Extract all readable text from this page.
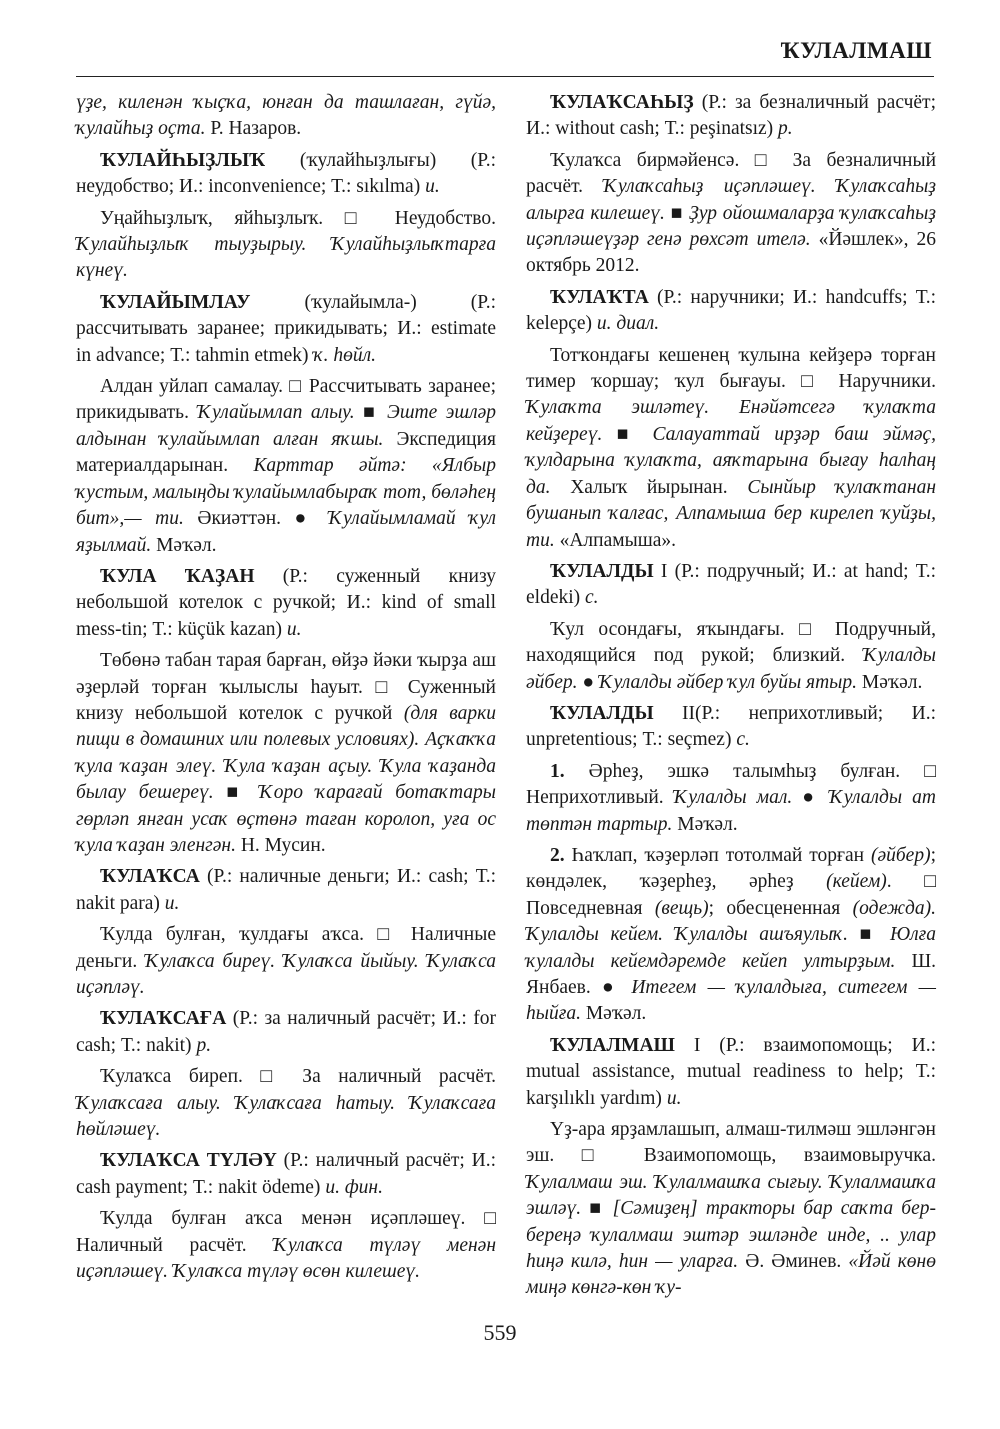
ҠУЛАЛМАШ

үҙе, киленән ҡыҫҡа, юнған да ташлаған, гүйә, ҡулайһыҙ оҫта. Р. Назаров.

ҠУЛАЙҺЫҘЛЫҠ (ҡулайһыҙлығы) (Р.: неудобство; И.: inconvenience; Т.: sıkılma) и.

Уңайһыҙлыҡ, яйһыҙлыҡ. □ Неудобство. Ҡулайһыҙлыҡ тыуҙырыу. Ҡулайһыҙлыҡтарға күнеү.

ҠУЛАЙЫМЛАУ (ҡулайымла-) (Р.: рассчитывать заранее; прикидывать; И.: estimate in advance; Т.: tahmin etmek) ҡ. һөйл.

Алдан уйлап самалау. □ Рассчитывать заранее; прикидывать. Ҡулайымлап алыу. ■ Эште эшләр алдынан ҡулайымлап алған яҡшы. Экспедиция материалдарынан. Карттар әйтә: «Ялбыр ҡустым, малыңды ҡулайымлабыраҡ тот, бөләһең бит»,— ти. Әкиәттән. ● Ҡулайымламай ҡул яҙылмай. Мәҡәл.

ҠУЛА ҠАҘАН (Р.: суженный книзу небольшой котелок с ручкой; И.: kind of small mess-tin; Т.: küçük kazan) и.

Төбөнә табан тарая барған, өйҙә йәки ҡырҙа аш әҙерләй торған ҡылыслы һауыт. □ Суженный книзу небольшой котелок с ручкой (для варки пищи в домашних или полевых условиях). Аҫҡаҡҡа ҡула ҡаҙан элеү. Ҡула ҡаҙан аҫыу. Ҡула ҡаҙанда былау бешереү. ■ Ҡоро ҡарағай ботаҡтары гөрләп янған усаҡ өҫтөнә таған королоп, уға ос ҡула ҡаҙан эленгән. Н. Мусин.

ҠУЛАҠСА (Р.: наличные деньги; И.: cash; Т.: nakit para) и.

Ҡулда булған, ҡулдағы аҡса. □ Наличные деньги. Ҡулаҡса биреү. Ҡулаҡса йыйыу. Ҡулаҡса иҫәпләү.

ҠУЛАҠСАҒА (Р.: за наличный расчёт; И.: for cash; Т.: nakit) р.

Ҡулаҡса биреп. □ За наличный расчёт. Ҡулаҡсаға алыу. Ҡулаҡсаға һатыу. Ҡулаҡсаға һөйләшеү.

ҠУЛАҠСА ТҮЛӘҮ (Р.: наличный расчёт; И.: cash payment; Т.: nakit ödeme) и. фин.

Ҡулда булған аҡса менән иҫәпләшеү. □ Наличный расчёт. Ҡулаҡса түләү менән иҫәпләшеү. Ҡулаҡса түләү өсөн килешеү.

ҠУЛАҠСАҺЫҘ (Р.: за безналичный расчёт; И.: without cash; Т.: peşinatsız) р.

Ҡулаҡса бирмәйенсә. □ За безналичный расчёт. Ҡулаҡсаһыҙ иҫәпләшеү. Ҡулаҡсаһыҙ алырға килешеү. ■ Ҙур ойошмаларҙа ҡулаҡсаһыҙ иҫәпләшеүҙәр генә рөхсәт ителә. «Йәшлек», 26 октябрь 2012.

ҠУЛАҠТА (Р.: наручники; И.: handcuffs; Т.: kelepçe) и. диал.

Тотҡондағы кешенең ҡулына кейҙерә торған тимер ҡоршау; ҡул бығауы. □ Наручники. Ҡулаҡта эшләтеү. Енәйәтсегә ҡулаҡта кейҙереү. ■ Салауаттай ирҙәр баш эймәҫ, ҡулдарына ҡулаҡта, аяҡтарына бығау һалһаң да. Халыҡ йырынан. Сынйыр ҡулаҡтанан бушанып ҡалғас, Алпамыша бер кирелеп ҡуйҙы, ти. «Алпамыша».

ҠУЛАЛДЫ I (Р.: подручный; И.: at hand; Т.: eldeki) с.

Ҡул осондағы, яҡындағы. □ Подручный, находящийся под рукой; близкий. Ҡулалды әйбер. ● Ҡулалды әйбер ҡул буйы ятыр. Мәҡәл.

ҠУЛАЛДЫ II(Р.: неприхотливый; И.: unpretentious; Т.: seçmez) с.

1. Әрһеҙ, эшкә талымһыҙ булған. □ Неприхотливый. Ҡулалды мал. ● Ҡулалды ат төптән тартыр. Мәҡәл.

2. Һаҡлап, ҡәҙерләп тотолмай торған (әйбер); көндәлек, ҡәҙерһеҙ, әрһеҙ (кейем). □ Повседневная (вещь); обесцененная (одежда). Ҡулалды кейем. Ҡулалды ашъяулыҡ. ■ Юлға ҡулалды кейемдәремде кейеп ултырҙым. Ш. Янбаев. ● Итегем — ҡулалдыға, ситегем — һыйға. Мәҡәл.

ҠУЛАЛМАШ I (Р.: взаимопомощь; И.: mutual assistance, mutual readiness to help; Т.: karşılıklı yardım) и.

Үҙ-ара ярҙамлашып, алмаш-тилмәш эшләнгән эш. □ Взаимопомощь, взаимовыручка. Ҡулалмаш эш. Ҡулалмашҡа сығыу. Ҡулалмашҡа эшләү. ■ [Сәмиҙең] тракторы бар саҡта бер-береңә ҡулалмаш эштәр эшләнде инде, .. улар һиңә килә, һин — уларға. Ә. Әминев. «Йәй көнө миңә көнгә-көн ҡу-

559
